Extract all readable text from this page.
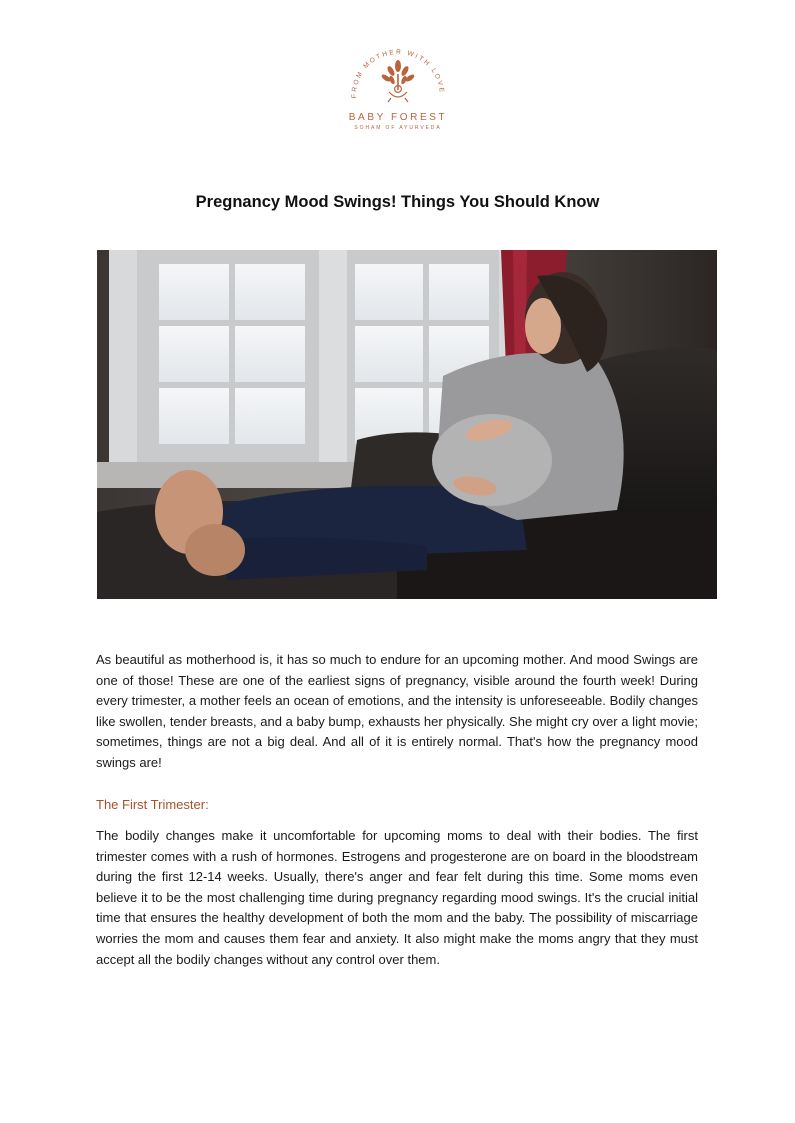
FROM MOTHER WITH LOVE
BABY FOREST
SOHAM OF AYURVEDA
Pregnancy Mood Swings! Things You Should Know

As beautiful as motherhood is, it has so much to endure for an upcoming mother. And mood Swings are one of those! These are one of the earliest signs of pregnancy, visible around the fourth week! During every trimester, a mother feels an ocean of emotions, and the intensity is unforeseeable. Bodily changes like swollen, tender breasts, and a baby bump, exhausts her physically. She might cry over a light movie; sometimes, things are not a big deal. And all of it is entirely normal. That's how the pregnancy mood swings are!

The First Trimester:

The bodily changes make it uncomfortable for upcoming moms to deal with their bodies. The first trimester comes with a rush of hormones. Estrogens and progesterone are on board in the bloodstream during the first 12-14 weeks. Usually, there's anger and fear felt during this time. Some moms even believe it to be the most challenging time during pregnancy regarding mood swings. It's the crucial initial time that ensures the healthy development of both the mom and the baby. The possibility of miscarriage worries the mom and causes them fear and anxiety. It also might make the moms angry that they must accept all the bodily changes without any control over them.
